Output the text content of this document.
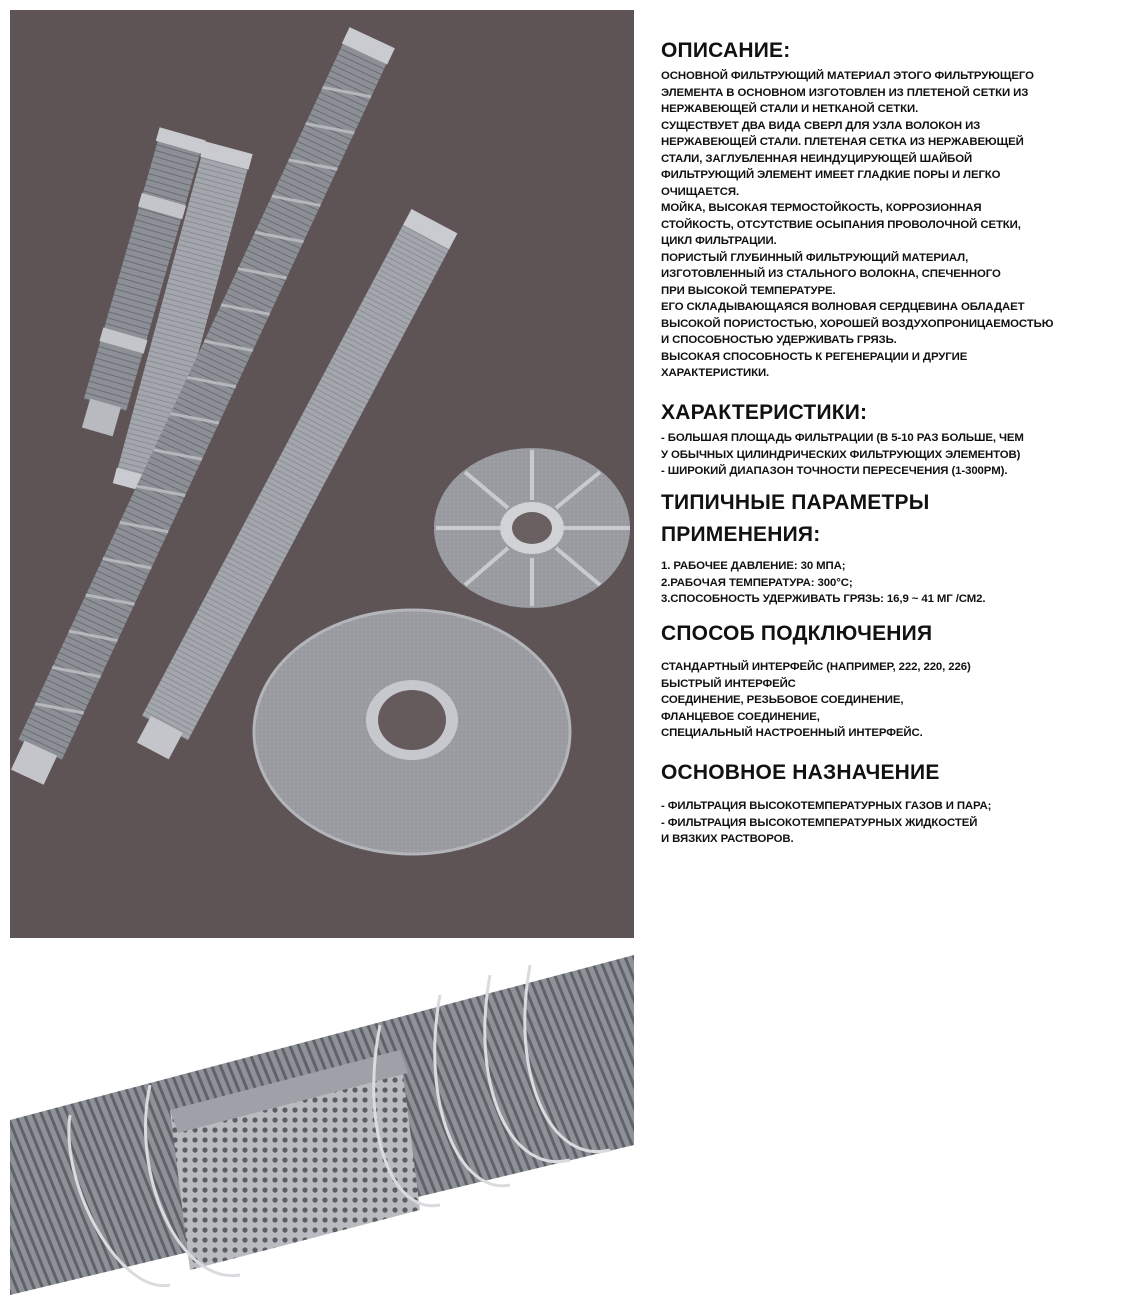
ОПИСАНИЕ:

ОСНОВНОЙ ФИЛЬТРУЮЩИЙ МАТЕРИАЛ ЭТОГО ФИЛЬТРУЮЩЕГО

ЭЛЕМЕНТА В ОСНОВНОМ ИЗГОТОВЛЕН ИЗ ПЛЕТЕНОЙ СЕТКИ ИЗ

НЕРЖАВЕЮЩЕЙ СТАЛИ И НЕТКАНОЙ СЕТКИ.

СУЩЕСТВУЕТ ДВА ВИДА СВЕРЛ ДЛЯ УЗЛА ВОЛОКОН ИЗ

НЕРЖАВЕЮЩЕЙ СТАЛИ. ПЛЕТЕНАЯ СЕТКА ИЗ НЕРЖАВЕЮЩЕЙ

СТАЛИ, ЗАГЛУБЛЕННАЯ НЕИНДУЦИРУЮЩЕЙ ШАЙБОЙ

ФИЛЬТРУЮЩИЙ ЭЛЕМЕНТ ИМЕЕТ ГЛАДКИЕ ПОРЫ И ЛЕГКО

ОЧИЩАЕТСЯ.

МОЙКА, ВЫСОКАЯ ТЕРМОСТОЙКОСТЬ, КОРРОЗИОННАЯ

СТОЙКОСТЬ, ОТСУТСТВИЕ ОСЫПАНИЯ ПРОВОЛОЧНОЙ СЕТКИ,

ЦИКЛ ФИЛЬТРАЦИИ.

ПОРИСТЫЙ ГЛУБИННЫЙ ФИЛЬТРУЮЩИЙ МАТЕРИАЛ,

ИЗГОТОВЛЕННЫЙ ИЗ СТАЛЬНОГО ВОЛОКНА, СПЕЧЕННОГО

ПРИ ВЫСОКОЙ ТЕМПЕРАТУРЕ.

ЕГО СКЛАДЫВАЮЩАЯСЯ ВОЛНОВАЯ СЕРДЦЕВИНА ОБЛАДАЕТ

ВЫСОКОЙ ПОРИСТОСТЬЮ, ХОРОШЕЙ ВОЗДУХОПРОНИЦАЕМОСТЬЮ

И СПОСОБНОСТЬЮ УДЕРЖИВАТЬ ГРЯЗЬ.

ВЫСОКАЯ СПОСОБНОСТЬ К РЕГЕНЕРАЦИИ И ДРУГИЕ

ХАРАКТЕРИСТИКИ.

ХАРАКТЕРИСТИКИ:

- БОЛЬШАЯ ПЛОЩАДЬ ФИЛЬТРАЦИИ (В 5-10 РАЗ БОЛЬШЕ, ЧЕМ

У ОБЫЧНЫХ ЦИЛИНДРИЧЕСКИХ ФИЛЬТРУЮЩИХ ЭЛЕМЕНТОВ)

- ШИРОКИЙ ДИАПАЗОН ТОЧНОСТИ ПЕРЕСЕЧЕНИЯ (1-300PM).

ТИПИЧНЫЕ ПАРАМЕТРЫ
ПРИМЕНЕНИЯ:

1. РАБОЧЕЕ ДАВЛЕНИЕ: 30 МПА;

2.РАБОЧАЯ ТЕМПЕРАТУРА: 300°С;

3.СПОСОБНОСТЬ УДЕРЖИВАТЬ ГРЯЗЬ: 16,9 ~ 41 МГ /СМ2.

СПОСОБ ПОДКЛЮЧЕНИЯ

СТАНДАРТНЫЙ ИНТЕРФЕЙС (НАПРИМЕР, 222, 220, 226)

БЫСТРЫЙ ИНТЕРФЕЙС

СОЕДИНЕНИЕ, РЕЗЬБОВОЕ СОЕДИНЕНИЕ,

ФЛАНЦЕВОЕ СОЕДИНЕНИЕ,

СПЕЦИАЛЬНЫЙ НАСТРОЕННЫЙ ИНТЕРФЕЙС.

ОСНОВНОЕ НАЗНАЧЕНИЕ

- ФИЛЬТРАЦИЯ ВЫСОКОТЕМПЕРАТУРНЫХ ГАЗОВ И ПАРА;

- ФИЛЬТРАЦИЯ ВЫСОКОТЕМПЕРАТУРНЫХ ЖИДКОСТЕЙ

И ВЯЗКИХ РАСТВОРОВ.
